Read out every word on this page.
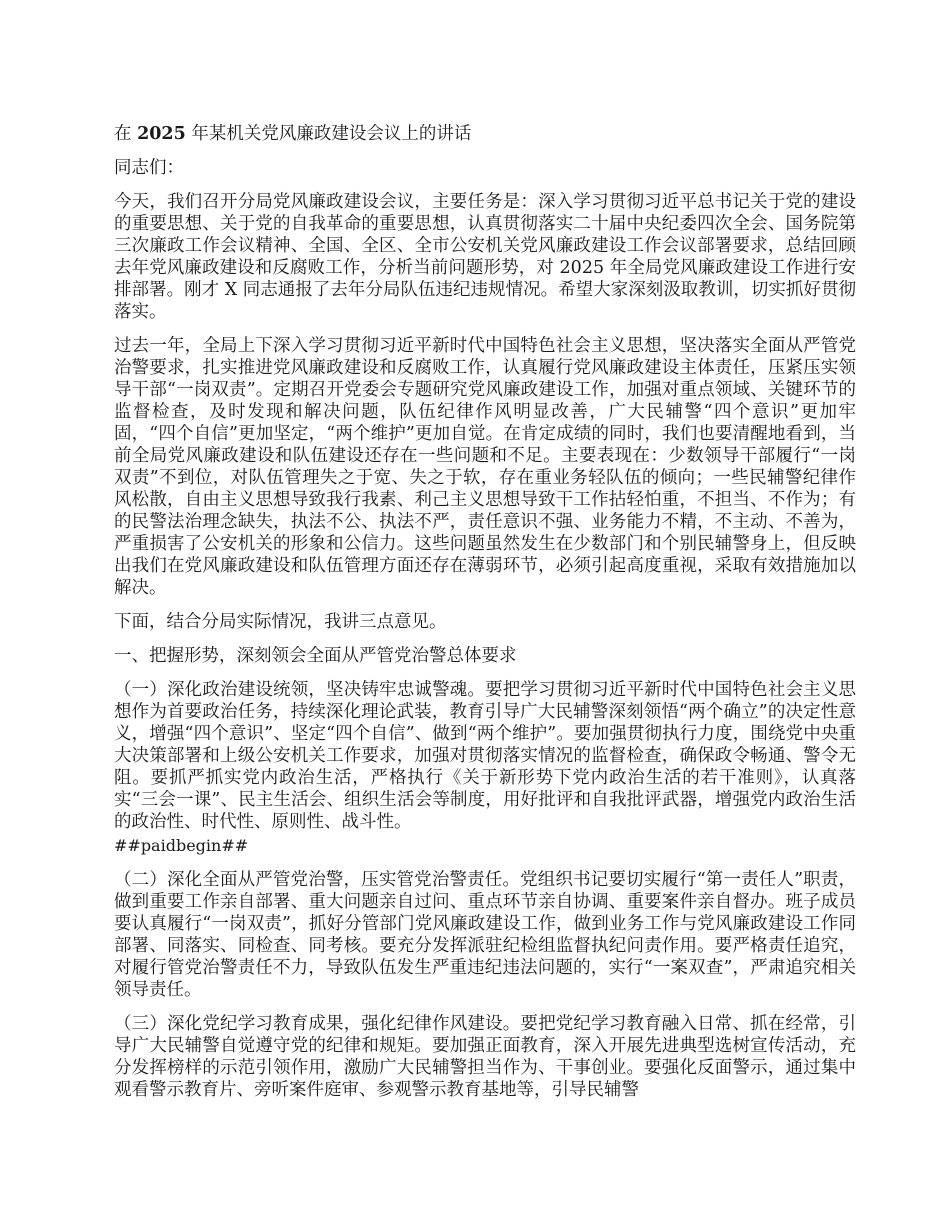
在 2025 年某机关党风廉政建设会议上的讲话

同志们：

今天，我们召开分局党风廉政建设会议，主要任务是：深入学习贯彻习近平总书记关于党的建设的重要思想、关于党的自我革命的重要思想，认真贯彻落实二十届中央纪委四次全会、国务院第三次廉政工作会议精神、全国、全区、全市公安机关党风廉政建设工作会议部署要求，总结回顾去年党风廉政建设和反腐败工作，分析当前问题形势，对 2025 年全局党风廉政建设工作进行安排部署。刚才 X 同志通报了去年分局队伍违纪违规情况。希望大家深刻汲取教训，切实抓好贯彻落实。

过去一年，全局上下深入学习贯彻习近平新时代中国特色社会主义思想，坚决落实全面从严管党治警要求，扎实推进党风廉政建设和反腐败工作，认真履行党风廉政建设主体责任，压紧压实领导干部“一岗双责”。定期召开党委会专题研究党风廉政建设工作，加强对重点领域、关键环节的监督检查，及时发现和解决问题，队伍纪律作风明显改善，广大民辅警“四个意识”更加牢固，“四个自信”更加坚定，“两个维护”更加自觉。在肯定成绩的同时，我们也要清醒地看到，当前全局党风廉政建设和队伍建设还存在一些问题和不足。主要表现在：少数领导干部履行“一岗双责”不到位，对队伍管理失之于宽、失之于软，存在重业务轻队伍的倾向；一些民辅警纪律作风松散，自由主义思想导致我行我素、利己主义思想导致干工作拈轻怕重，不担当、不作为；有的民警法治理念缺失，执法不公、执法不严，责任意识不强、业务能力不精，不主动、不善为，严重损害了公安机关的形象和公信力。这些问题虽然发生在少数部门和个别民辅警身上，但反映出我们在党风廉政建设和队伍管理方面还存在薄弱环节，必须引起高度重视，采取有效措施加以解决。

下面，结合分局实际情况，我讲三点意见。

一、把握形势，深刻领会全面从严管党治警总体要求

（一）深化政治建设统领，坚决铸牢忠诚警魂。要把学习贯彻习近平新时代中国特色社会主义思想作为首要政治任务，持续深化理论武装，教育引导广大民辅警深刻领悟“两个确立”的决定性意义，增强“四个意识”、坚定“四个自信”、做到“两个维护”。要加强贯彻执行力度，围绕党中央重大决策部署和上级公安机关工作要求，加强对贯彻落实情况的监督检查，确保政令畅通、警令无阻。要抓严抓实党内政治生活，严格执行《关于新形势下党内政治生活的若干准则》，认真落实“三会一课”、民主生活会、组织生活会等制度，用好批评和自我批评武器，增强党内政治生活的政治性、时代性、原则性、战斗性。

##paidbegin##

（二）深化全面从严管党治警，压实管党治警责任。党组织书记要切实履行“第一责任人”职责，做到重要工作亲自部署、重大问题亲自过问、重点环节亲自协调、重要案件亲自督办。班子成员要认真履行“一岗双责”，抓好分管部门党风廉政建设工作，做到业务工作与党风廉政建设工作同部署、同落实、同检查、同考核。要充分发挥派驻纪检组监督执纪问责作用。要严格责任追究，对履行管党治警责任不力，导致队伍发生严重违纪违法问题的，实行“一案双查”，严肃追究相关领导责任。

（三）深化党纪学习教育成果，强化纪律作风建设。要把党纪学习教育融入日常、抓在经常，引导广大民辅警自觉遵守党的纪律和规矩。要加强正面教育，深入开展先进典型选树宣传活动，充分发挥榜样的示范引领作用，激励广大民辅警担当作为、干事创业。要强化反面警示，通过集中观看警示教育片、旁听案件庭审、参观警示教育基地等，引导民辅警
